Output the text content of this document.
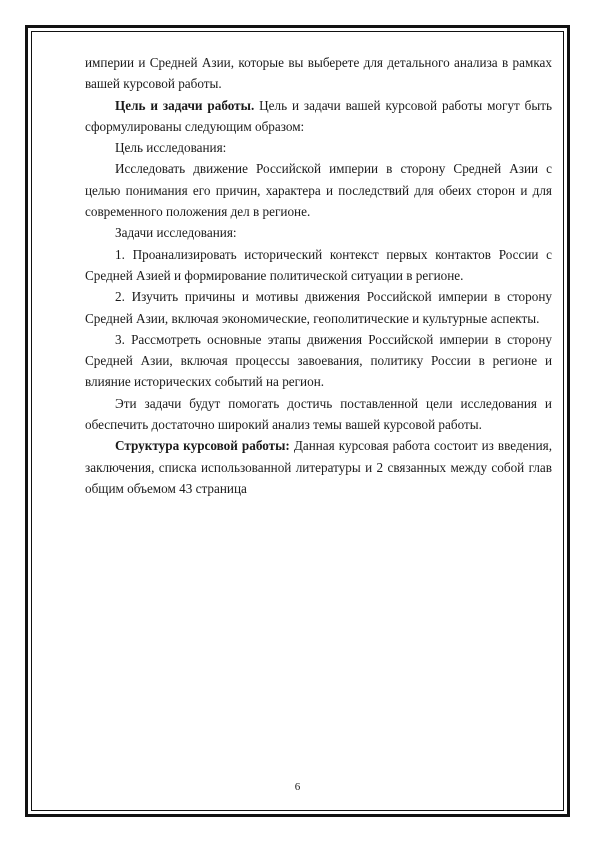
империи и Средней Азии, которые вы выберете для детального анализа в рамках вашей курсовой работы.

Цель и задачи работы. Цель и задачи вашей курсовой работы могут быть сформулированы следующим образом:

Цель исследования:

Исследовать движение Российской империи в сторону Средней Азии с целью понимания его причин, характера и последствий для обеих сторон и для современного положения дел в регионе.

Задачи исследования:

1. Проанализировать исторический контекст первых контактов России с Средней Азией и формирование политической ситуации в регионе.

2. Изучить причины и мотивы движения Российской империи в сторону Средней Азии, включая экономические, геополитические и культурные аспекты.

3. Рассмотреть основные этапы движения Российской империи в сторону Средней Азии, включая процессы завоевания, политику России в регионе и влияние исторических событий на регион.

Эти задачи будут помогать достичь поставленной цели исследования и обеспечить достаточно широкий анализ темы вашей курсовой работы.

Структура курсовой работы: Данная курсовая работа состоит из введения, заключения, списка использованной литературы и 2 связанных между собой глав общим объемом 43 страница

6
